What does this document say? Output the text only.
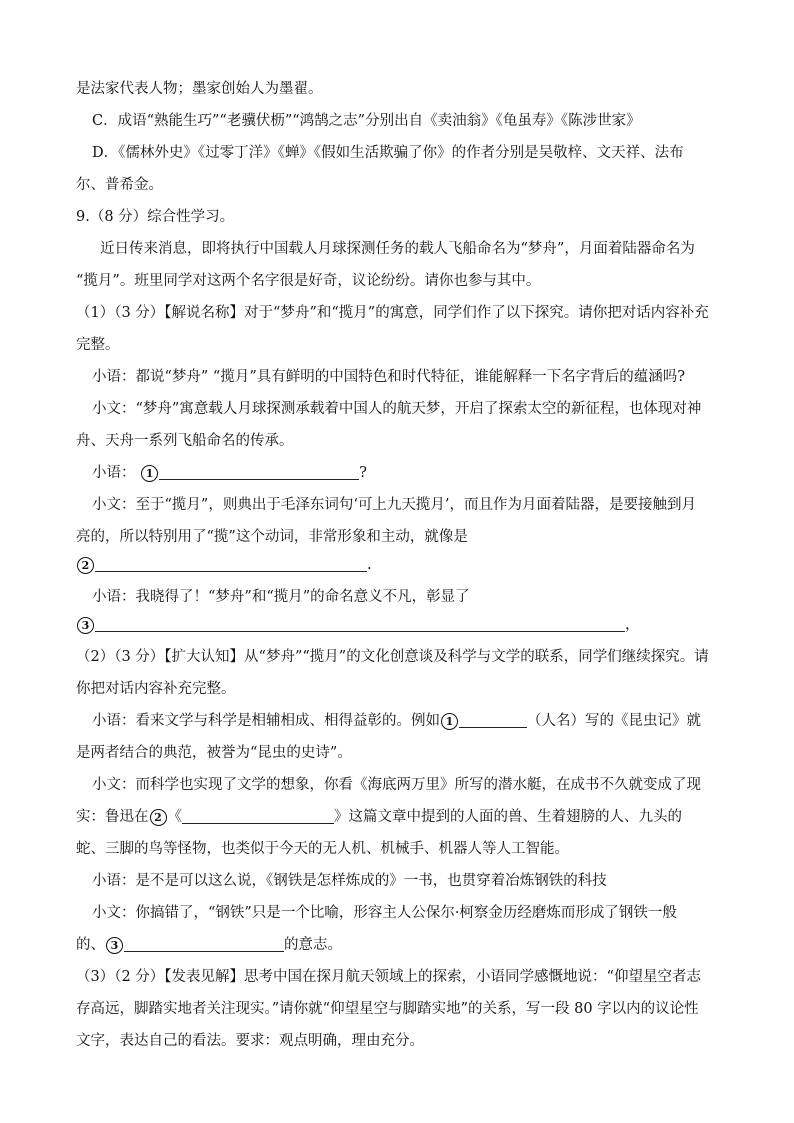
是法家代表人物；墨家创始人为墨翟。
C．成语“熟能生巧”“老骥伏枥”“鸿鹄之志”分别出自《卖油翁》《龟虽寿》《陈涉世家》
D．《儒林外史》《过零丁洋》《蝉》《假如生活欺骗了你》的作者分别是吴敬梓、文天祥、法布
尔、普希金。
9.（8 分）综合性学习。
近日传来消息，即将执行中国载人月球探测任务的载人飞船命名为“梦舟”，月面着陆器命名为
“揽月”。班里同学对这两个名字很是好奇，议论纷纷。请你也参与其中。
（1）（3 分）【解说名称】对于“梦舟”和“揽月”的寓意，同学们作了以下探究。请你把对话内容补充
完整。
小语：都说“梦舟” “揽月”具有鲜明的中国特色和时代特征，谁能解释一下名字背后的蕴涵吗?
小文：“梦舟”寓意载人月球探测承载着中国人的航天梦，开启了探索太空的新征程，也体现对神
舟、天舟一系列飞船命名的传承。
小语： 1	?
小文：至于“揽月”，则典出于毛泽东词句‘可上九天揽月’，而且作为月面着陆器，是要接触到月
亮的，所以特别用了“揽”这个动词，非常形象和主动，就像是
2	.
小语：我晓得了！“梦舟”和“揽月”的命名意义不凡，彰显了
3	，
（2）（3 分）【扩大认知】从“梦舟”“揽月”的文化创意谈及科学与文学的联系，同学们继续探究。请
你把对话内容补充完整。
小语：看来文学与科学是相辅相成、相得益彰的。例如 1	（人名）写的《昆虫记》就
是两者结合的典范，被誉为“昆虫的史诗”。
小文：而科学也实现了文学的想象，你看《海底两万里》所写的潜水艇，在成书不久就变成了现
实：鲁迅在 2 《	》这篇文章中提到的人面的兽、生着翅膀的人、九头的
蛇、三脚的鸟等怪物，也类似于今天的无人机、机械手、机器人等人工智能。
小语：是不是可以这么说，《钢铁是怎样炼成的》一书，也贯穿着冶炼钢铁的科技
小文：你搞错了，“钢铁”只是一个比喻，形容主人公保尔·柯察金历经磨炼而形成了钢铁一般
的、 3	的意志。
（3）（2 分）【发表见解】思考中国在探月航天领域上的探索，小语同学感慨地说：“仰望星空者志
存高远，脚踏实地者关注现实。”请你就“仰望星空与脚踏实地”的关系，写一段 80 字以内的议论性
文字，表达自己的看法。要求：观点明确，理由充分。
